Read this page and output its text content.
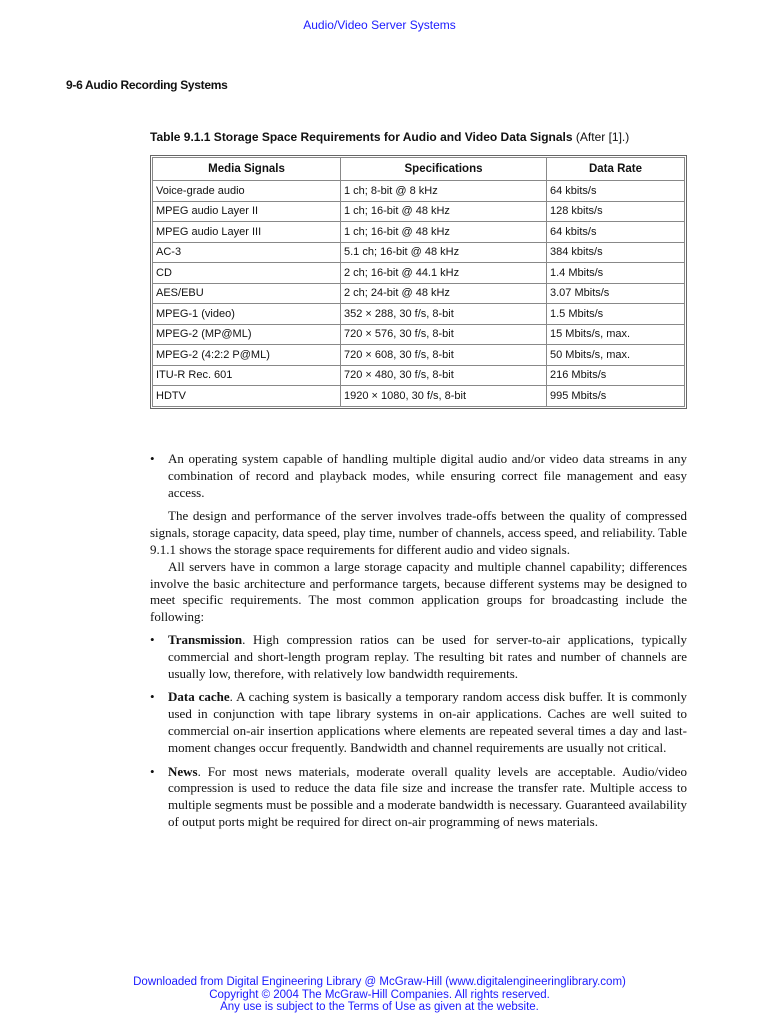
Audio/Video Server Systems
9-6 Audio Recording Systems
Table 9.1.1 Storage Space Requirements for Audio and Video Data Signals (After [1].)
Media Signals	Specifications	Data Rate
Voice-grade audio	1 ch; 8-bit @ 8 kHz	64 kbits/s
MPEG audio Layer II	1 ch; 16-bit @ 48 kHz	128 kbits/s
MPEG audio Layer III	1 ch; 16-bit @ 48 kHz	64 kbits/s
AC-3	5.1 ch; 16-bit @ 48 kHz	384 kbits/s
CD	2 ch; 16-bit @ 44.1 kHz	1.4 Mbits/s
AES/EBU	2 ch; 24-bit @ 48 kHz	3.07 Mbits/s
MPEG-1 (video)	352 × 288, 30 f/s, 8-bit	1.5 Mbits/s
MPEG-2 (MP@ML)	720 × 576, 30 f/s, 8-bit	15 Mbits/s, max.
MPEG-2 (4:2:2 P@ML)	720 × 608, 30 f/s, 8-bit	50 Mbits/s, max.
ITU-R Rec. 601	720 × 480, 30 f/s, 8-bit	216 Mbits/s
HDTV	1920 × 1080, 30 f/s, 8-bit	995 Mbits/s
• An operating system capable of handling multiple digital audio and/or video data streams in any combination of record and playback modes, while ensuring correct file management and easy access.

The design and performance of the server involves trade-offs between the quality of compressed signals, storage capacity, data speed, play time, number of channels, access speed, and reliability. Table 9.1.1 shows the storage space requirements for different audio and video signals.

All servers have in common a large storage capacity and multiple channel capability; differences involve the basic architecture and performance targets, because different systems may be designed to meet specific requirements. The most common application groups for broadcasting include the following:

• Transmission. High compression ratios can be used for server-to-air applications, typically commercial and short-length program replay. The resulting bit rates and number of channels are usually low, therefore, with relatively low bandwidth requirements.
• Data cache. A caching system is basically a temporary random access disk buffer. It is commonly used in conjunction with tape library systems in on-air applications. Caches are well suited to commercial on-air insertion applications where elements are repeated several times a day and last-moment changes occur frequently. Bandwidth and channel requirements are usually not critical.
• News. For most news materials, moderate overall quality levels are acceptable. Audio/video compression is used to reduce the data file size and increase the transfer rate. Multiple access to multiple segments must be possible and a moderate bandwidth is necessary. Guaranteed availability of output ports might be required for direct on-air programming of news materials.
Downloaded from Digital Engineering Library @ McGraw-Hill (www.digitalengineeringlibrary.com)
Copyright © 2004 The McGraw-Hill Companies. All rights reserved.
Any use is subject to the Terms of Use as given at the website.
